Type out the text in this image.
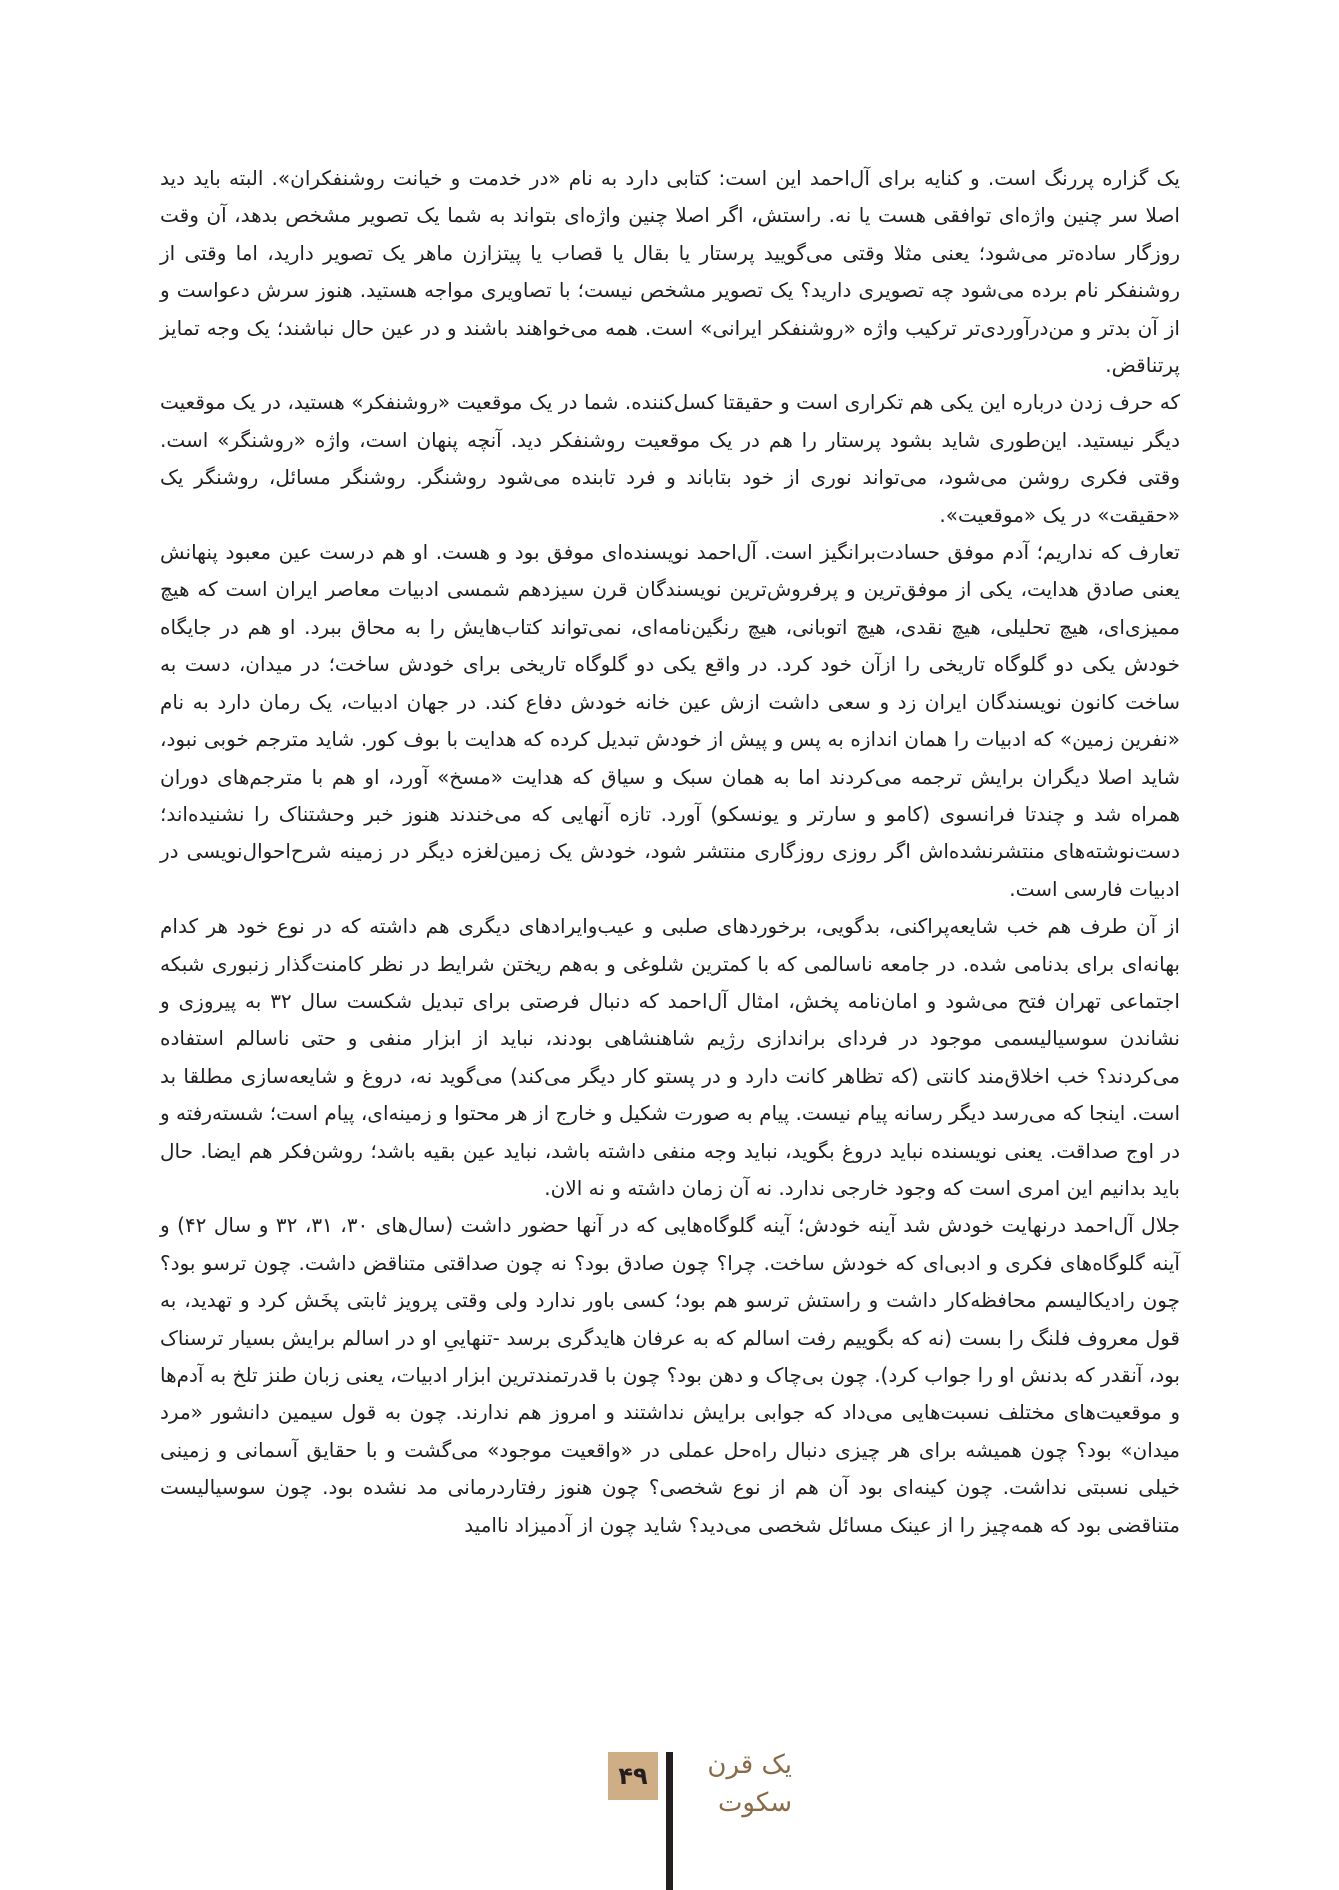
یک گزاره پررنگ است. و کنایه برای آل‌احمد این است: کتابی دارد به نام «در خدمت و خیانت روشنفکران». البته باید دید اصلا سر چنین واژه‌ای توافقی هست یا نه. راستش، اگر اصلا چنین واژه‌ای بتواند به شما یک تصویر مشخص بدهد، آن وقت روزگار ساده‌تر می‌شود؛ یعنی مثلا وقتی می‌گویید پرستار یا بقال یا قصاب یا پیتزازن ماهر یک تصویر دارید، اما وقتی از روشنفکر نام برده می‌شود چه تصویری دارید؟ یک تصویر مشخص نیست؛ با تصاویری مواجه هستید. هنوز سرش دعواست و از آن بدتر و من‌درآوردی‌تر ترکیب واژه «روشنفکر ایرانی» است. همه می‌خواهند باشند و در عین حال نباشند؛ یک وجه تمایز پرتناقض.

که حرف زدن درباره این یکی هم تکراری است و حقیقتا کسل‌کننده. شما در یک موقعیت «روشنفکر» هستید، در یک موقعیت دیگر نیستید. این‌طوری شاید بشود پرستار را هم در یک موقعیت روشنفکر دید. آنچه پنهان است، واژه «روشنگر» است. وقتی فکری روشن می‌شود، می‌تواند نوری از خود بتاباند و فرد تابنده می‌شود روشنگر. روشنگر مسائل، روشنگر یک «حقیقت» در یک «موقعیت».

تعارف که نداریم؛ آدم موفق حسادت‌برانگیز است. آل‌احمد نویسنده‌ای موفق بود و هست. او هم درست عین معبود پنهانش یعنی صادق هدایت، یکی از موفق‌ترین و پرفروش‌ترین نویسندگان قرن سیزدهم شمسی ادبیات معاصر ایران است که هیچ ممیزی‌ای، هیچ تحلیلی، هیچ نقدی، هیچ اتوبانی، هیچ رنگین‌نامه‌ای، نمی‌تواند کتاب‌هایش را به محاق ببرد. او هم در جایگاه خودش یکی دو گلوگاه تاریخی را ازآن خود کرد. در واقع یکی دو گلوگاه تاریخی برای خودش ساخت؛ در میدان، دست به ساخت کانون نویسندگان ایران زد و سعی داشت ازش عین خانه خودش دفاع کند. در جهان ادبیات، یک رمان دارد به نام «نفرین زمین» که ادبیات را همان اندازه به پس و پیش از خودش تبدیل کرده که هدایت با بوف کور. شاید مترجم خوبی نبود، شاید اصلا دیگران برایش ترجمه می‌کردند اما به همان سبک و سیاق که هدایت «مسخ» آورد، او هم با مترجم‌های دوران همراه شد و چندتا فرانسوی (کامو و سارتر و یونسکو) آورد. تازه آنهایی که می‌خندند هنوز خبر وحشتناک را نشنیده‌اند؛ دست‌نوشته‌های منتشرنشده‌اش اگر روزی روزگاری منتشر شود، خودش یک زمین‌لغزه دیگر در زمینه شرح‌احوال‌نویسی در ادبیات فارسی است.

از آن طرف هم خب شایعه‌پراکنی، بدگویی، برخوردهای صلبی و عیب‌وایرادهای دیگری هم داشته که در نوع خود هر کدام بهانه‌ای برای بدنامی شده. در جامعه ناسالمی که با کمترین شلوغی و به‌هم ریختن شرایط در نظر کامنت‌گذار زنبوری شبکه اجتماعی تهران فتح می‌شود و امان‌نامه پخش، امثال آل‌احمد که دنبال فرصتی برای تبدیل شکست سال ۳۲ به پیروزی و نشاندن سوسیالیسمی موجود در فردای براندازی رژیم شاهنشاهی بودند، نباید از ابزار منفی و حتی ناسالم استفاده می‌کردند؟ خب اخلاق‌مند کانتی (که تظاهر کانت دارد و در پستو کار دیگر می‌کند) می‌گوید نه، دروغ و شایعه‌سازی مطلقا بد است. اینجا که می‌رسد دیگر رسانه پیام نیست. پیام به صورت شکیل و خارج از هر محتوا و زمینه‌ای، پیام است؛ شسته‌رفته و در اوج صداقت. یعنی نویسنده نباید دروغ بگوید، نباید وجه منفی داشته باشد، نباید عین بقیه باشد؛ روشن‌فکر هم ایضا. حال باید بدانیم این امری است که وجود خارجی ندارد. نه آن زمان داشته و نه الان.

جلال آل‌احمد درنهایت خودش شد آینه خودش؛ آینه گلوگاه‌هایی که در آنها حضور داشت (سال‌های ۳۰، ۳۱، ۳۲ و سال ۴۲) و آینه گلوگاه‌های فکری و ادبی‌ای که خودش ساخت. چرا؟ چون صادق بود؟ نه چون صداقتی متناقض داشت. چون ترسو بود؟ چون رادیکالیسم محافظه‌کار داشت و راستش ترسو هم بود؛ کسی باور ندارد ولی وقتی پرویز ثابتی پخَش کرد و تهدید، به قول معروف فلنگ را بست (نه که بگوییم رفت اسالم که به عرفان هایدگری برسد -تنهاییِ او در اسالم برایش بسیار ترسناک بود، آنقدر که بدنش او را جواب کرد). چون بی‌چاک و دهن بود؟ چون با قدرتمندترین ابزار ادبیات، یعنی زبان طنز تلخ به آدم‌ها و موقعیت‌های مختلف نسبت‌هایی می‌داد که جوابی برایش نداشتند و امروز هم ندارند. چون به قول سیمین دانشور «مرد میدان» بود؟ چون همیشه برای هر چیزی دنبال راه‌حل عملی در «واقعیت موجود» می‌گشت و با حقایق آسمانی و زمینی خیلی نسبتی نداشت. چون کینه‌ای بود آن هم از نوع شخصی؟ چون هنوز رفتاردرمانی مد نشده بود. چون سوسیالیست متناقضی بود که همه‌چیز را از عینک مسائل شخصی می‌دید؟ شاید چون از آدمیزاد ناامید

۴۹	یک قرن
سکوت
